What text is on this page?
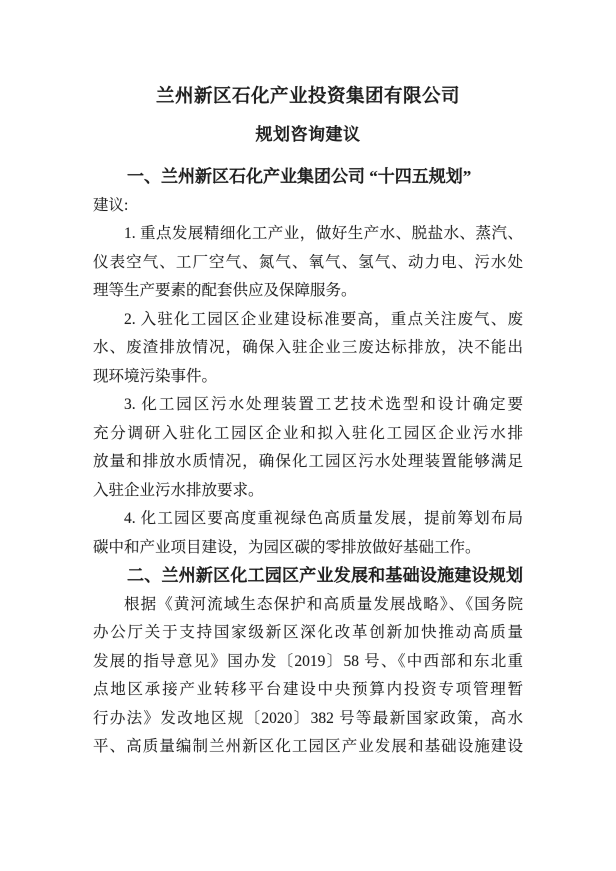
兰州新区石化产业投资集团有限公司
规划咨询建议
一、兰州新区石化产业集团公司 “十四五规划”
建议:
1. 重点发展精细化工产业，做好生产水、脱盐水、蒸汽、
仪表空气、工厂空气、氮气、氧气、氢气、动力电、污水处
理等生产要素的配套供应及保障服务。
2. 入驻化工园区企业建设标准要高，重点关注废气、废
水、废渣排放情况，确保入驻企业三废达标排放，决不能出
现环境污染事件。
3. 化工园区污水处理装置工艺技术选型和设计确定要
充分调研入驻化工园区企业和拟入驻化工园区企业污水排
放量和排放水质情况，确保化工园区污水处理装置能够满足
入驻企业污水排放要求。
4. 化工园区要高度重视绿色高质量发展，提前筹划布局
碳中和产业项目建设，为园区碳的零排放做好基础工作。
二、兰州新区化工园区产业发展和基础设施建设规划
根据《黄河流域生态保护和高质量发展战略》、《国务院
办公厅关于支持国家级新区深化改革创新加快推动高质量
发展的指导意见》国办发〔2019〕58 号、《中西部和东北重
点地区承接产业转移平台建设中央预算内投资专项管理暂
行办法》发改地区规〔2020〕382 号等最新国家政策，高水
平、高质量编制兰州新区化工园区产业发展和基础设施建设
